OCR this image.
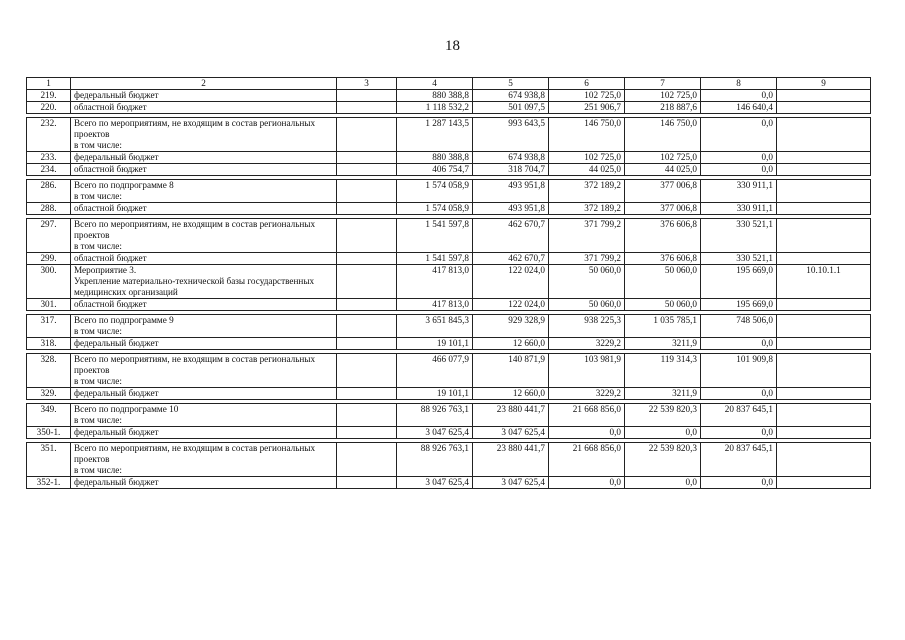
18
1	2	3	4	5	6	7	8	9
219.	федеральный бюджет		880 388,8	674 938,8	102 725,0	102 725,0	0,0	
220.	областной бюджет		1 118 532,2	501 097,5	251 906,7	218 887,6	146 640,4	

232.	Всего по мероприятиям, не входящим в состав региональных проектов
в том числе:		1 287 143,5	993 643,5	146 750,0	146 750,0	0,0	
233.	федеральный бюджет		880 388,8	674 938,8	102 725,0	102 725,0	0,0	
234.	областной бюджет		406 754,7	318 704,7	44 025,0	44 025,0	0,0	

286.	Всего по подпрограмме 8
в том числе:		1 574 058,9	493 951,8	372 189,2	377 006,8	330 911,1	
288.	областной бюджет		1 574 058,9	493 951,8	372 189,2	377 006,8	330 911,1	

297.	Всего по мероприятиям, не входящим в состав региональных проектов
в том числе:		1 541 597,8	462 670,7	371 799,2	376 606,8	330 521,1	
299.	областной бюджет		1 541 597,8	462 670,7	371 799,2	376 606,8	330 521,1	
300.	Мероприятие 3.
Укрепление материально-технической базы государственных медицинских организаций		417 813,0	122 024,0	50 060,0	50 060,0	195 669,0	10.10.1.1
301.	областной бюджет		417 813,0	122 024,0	50 060,0	50 060,0	195 669,0	

317.	Всего по подпрограмме 9
в том числе:		3 651 845,3	929 328,9	938 225,3	1 035 785,1	748 506,0	
318.	федеральный бюджет		19 101,1	12 660,0	3229,2	3211,9	0,0	

328.	Всего по мероприятиям, не входящим в состав региональных проектов
в том числе:		466 077,9	140 871,9	103 981,9	119 314,3	101 909,8	
329.	федеральный бюджет		19 101,1	12 660,0	3229,2	3211,9	0,0	

349.	Всего по подпрограмме 10
в том числе:		88 926 763,1	23 880 441,7	21 668 856,0	22 539 820,3	20 837 645,1	
350-1.	федеральный бюджет		3 047 625,4	3 047 625,4	0,0	0,0	0,0	

351.	Всего по мероприятиям, не входящим в состав региональных проектов
в том числе:		88 926 763,1	23 880 441,7	21 668 856,0	22 539 820,3	20 837 645,1	
352-1.	федеральный бюджет		3 047 625,4	3 047 625,4	0,0	0,0	0,0	
